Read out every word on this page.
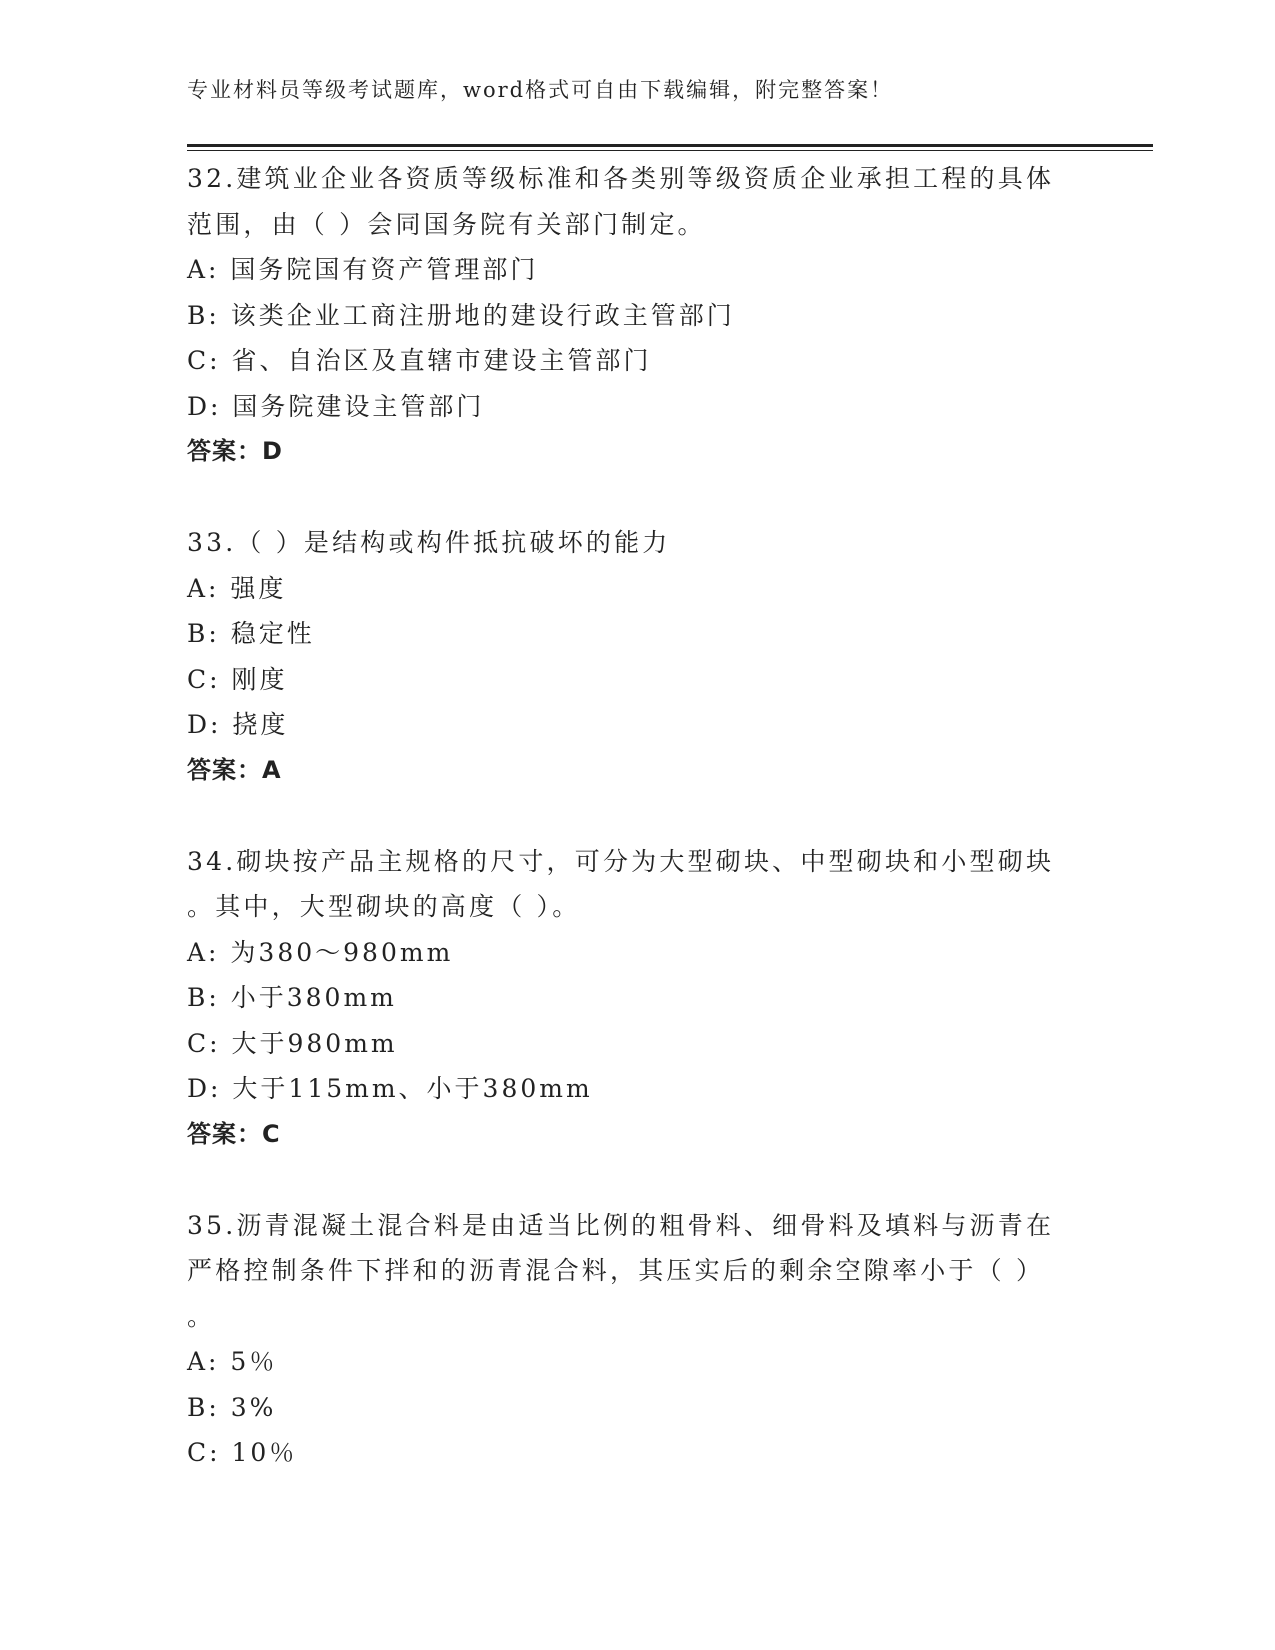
专业材料员等级考试题库，word格式可自由下载编辑，附完整答案！
32.建筑业企业各资质等级标准和各类别等级资质企业承担工程的具体
范围，由（ ）会同国务院有关部门制定。
A: 国务院国有资产管理部门
B: 该类企业工商注册地的建设行政主管部门
C: 省、自治区及直辖市建设主管部门
D: 国务院建设主管部门
答案：D
33.（ ）是结构或构件抵抗破坏的能力
A: 强度
B: 稳定性
C: 刚度
D: 挠度
答案：A
34.砌块按产品主规格的尺寸，可分为大型砌块、中型砌块和小型砌块
。其中，大型砌块的高度（ ）。
A: 为380～980mm
B: 小于380mm
C: 大于980mm
D: 大于115mm、小于380mm
答案：C
35.沥青混凝土混合料是由适当比例的粗骨料、细骨料及填料与沥青在
严格控制条件下拌和的沥青混合料，其压实后的剩余空隙率小于（ ）
。
A: 5％
B: 3%
C: 10％
